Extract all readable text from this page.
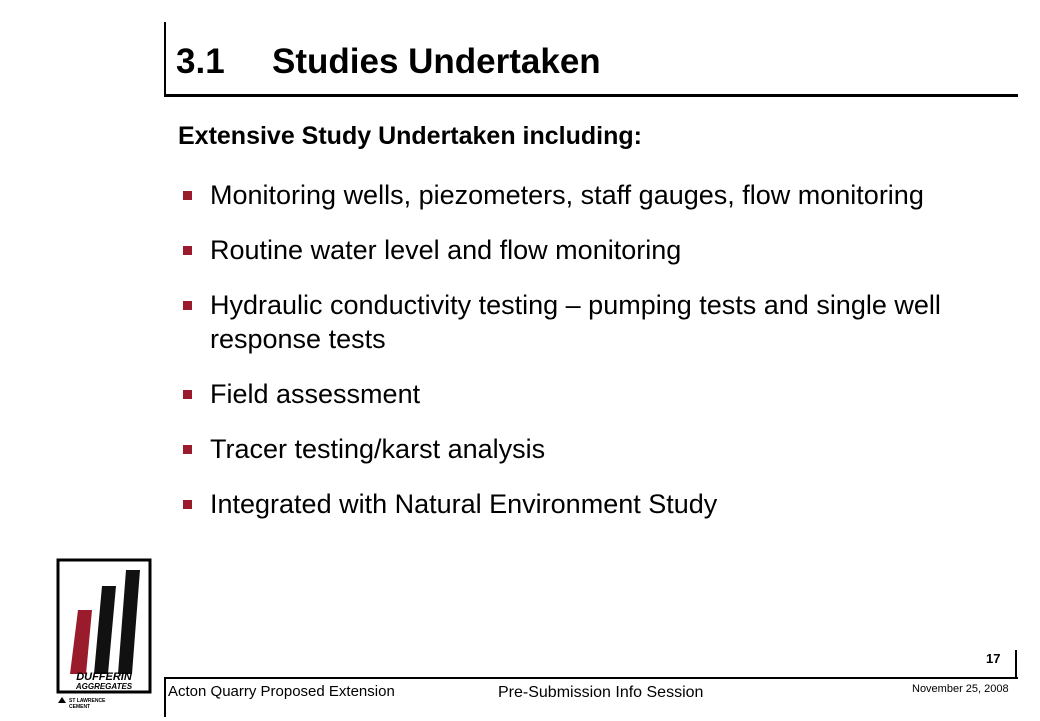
3.1 Studies Undertaken
Extensive Study Undertaken including:
Monitoring wells, piezometers, staff gauges, flow monitoring
Routine water level and flow monitoring
Hydraulic conductivity testing – pumping tests and single well response tests
Field assessment
Tracer testing/karst analysis
Integrated with Natural Environment Study
DUFFERIN
AGGREGATES
ST LAWRENCE
CEMENT
17
Acton Quarry Proposed Extension	Pre-Submission Info Session	November 25, 2008
